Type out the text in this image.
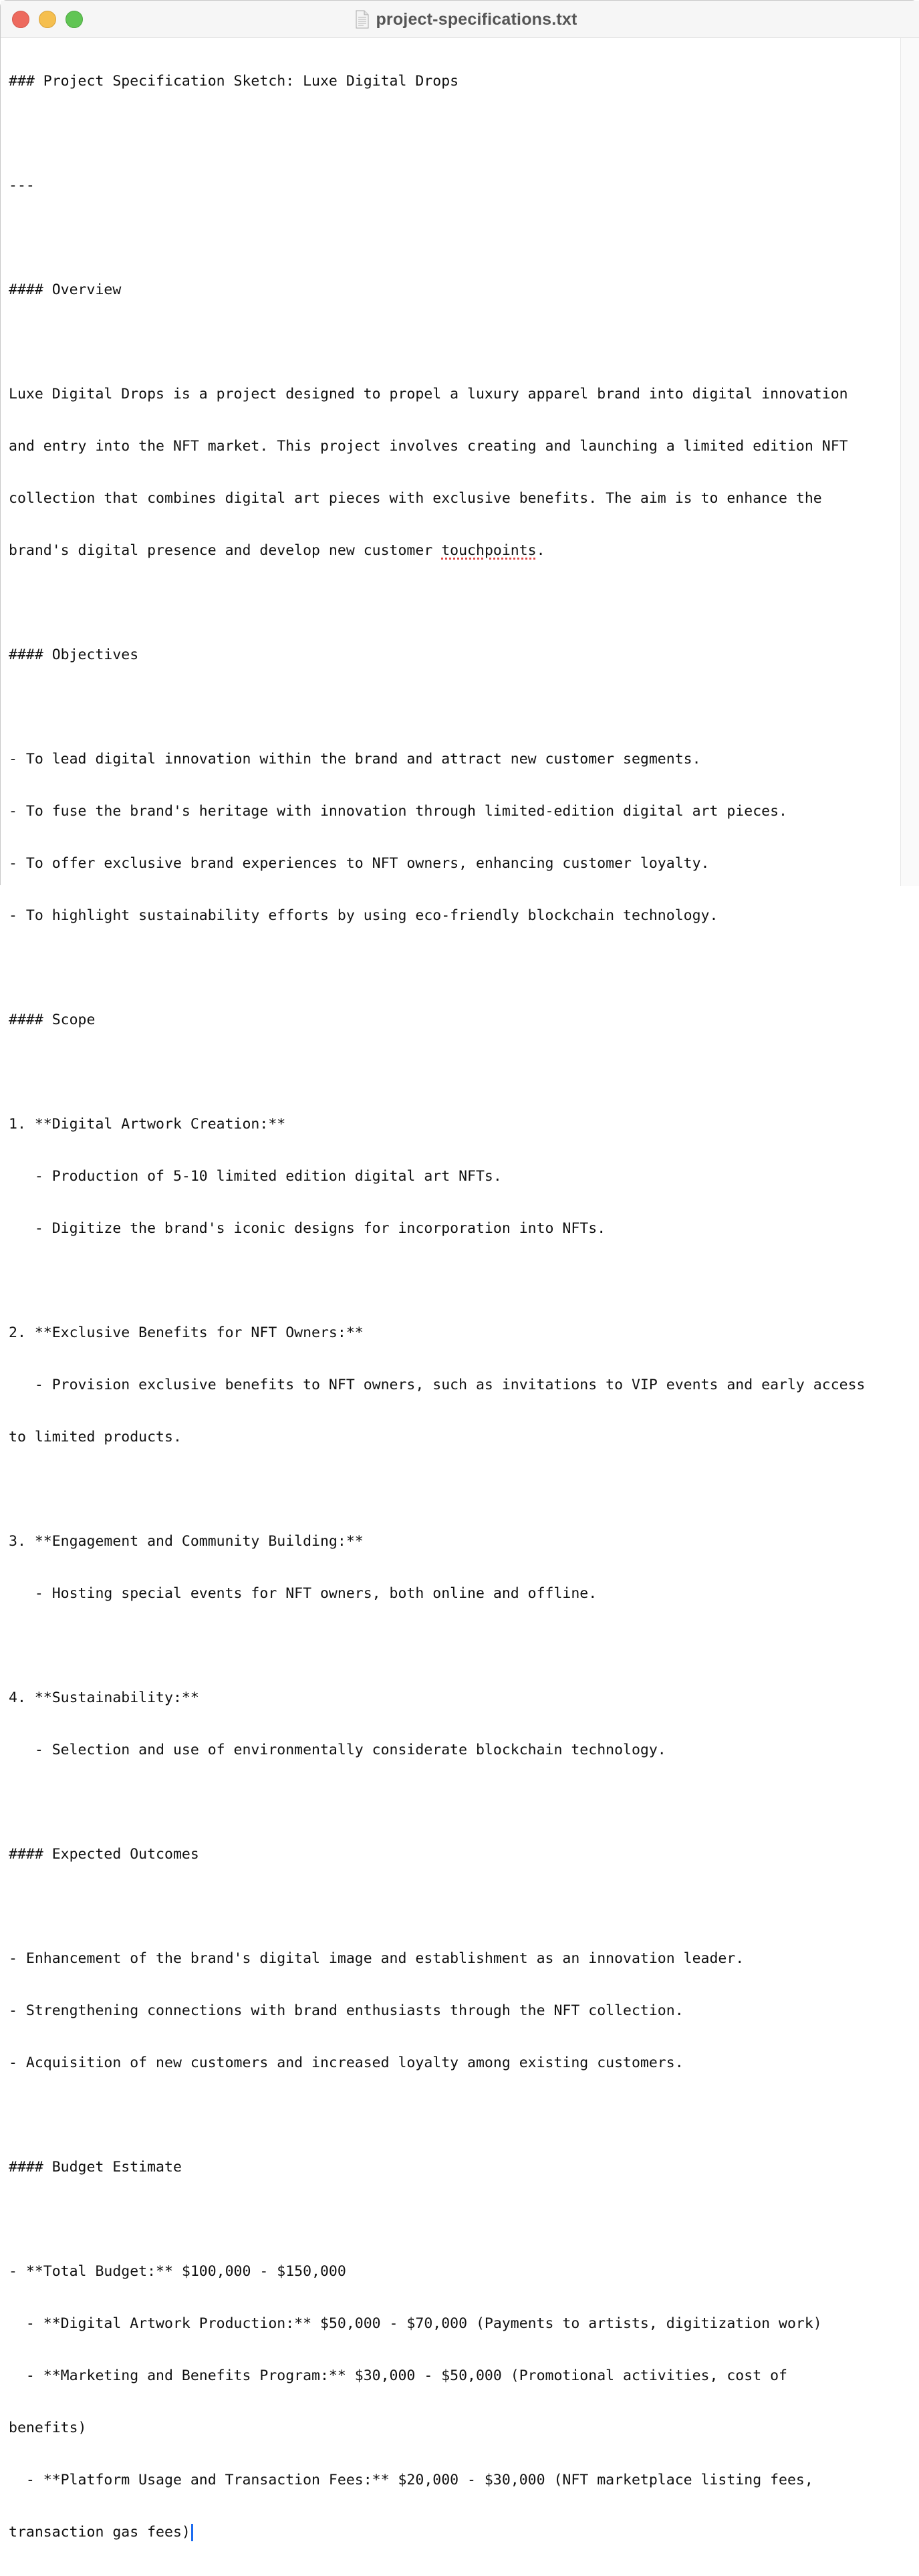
project-specifications.txt

### Project Specification Sketch: Luxe Digital Drops

---

#### Overview

Luxe Digital Drops is a project designed to propel a luxury apparel brand into digital innovation

and entry into the NFT market. This project involves creating and launching a limited edition NFT

collection that combines digital art pieces with exclusive benefits. The aim is to enhance the

brand's digital presence and develop new customer touchpoints.

#### Objectives

- To lead digital innovation within the brand and attract new customer segments.

- To fuse the brand's heritage with innovation through limited-edition digital art pieces.

- To offer exclusive brand experiences to NFT owners, enhancing customer loyalty.

- To highlight sustainability efforts by using eco-friendly blockchain technology.

#### Scope

1. **Digital Artwork Creation:**

- Production of 5-10 limited edition digital art NFTs.

- Digitize the brand's iconic designs for incorporation into NFTs.

2. **Exclusive Benefits for NFT Owners:**

- Provision exclusive benefits to NFT owners, such as invitations to VIP events and early access

to limited products.

3. **Engagement and Community Building:**

- Hosting special events for NFT owners, both online and offline.

4. **Sustainability:**

- Selection and use of environmentally considerate blockchain technology.

#### Expected Outcomes

- Enhancement of the brand's digital image and establishment as an innovation leader.

- Strengthening connections with brand enthusiasts through the NFT collection.

- Acquisition of new customers and increased loyalty among existing customers.

#### Budget Estimate

- **Total Budget:** $100,000 - $150,000

- **Digital Artwork Production:** $50,000 - $70,000 (Payments to artists, digitization work)

- **Marketing and Benefits Program:** $30,000 - $50,000 (Promotional activities, cost of

benefits)

- **Platform Usage and Transaction Fees:** $20,000 - $30,000 (NFT marketplace listing fees,

transaction gas fees)
